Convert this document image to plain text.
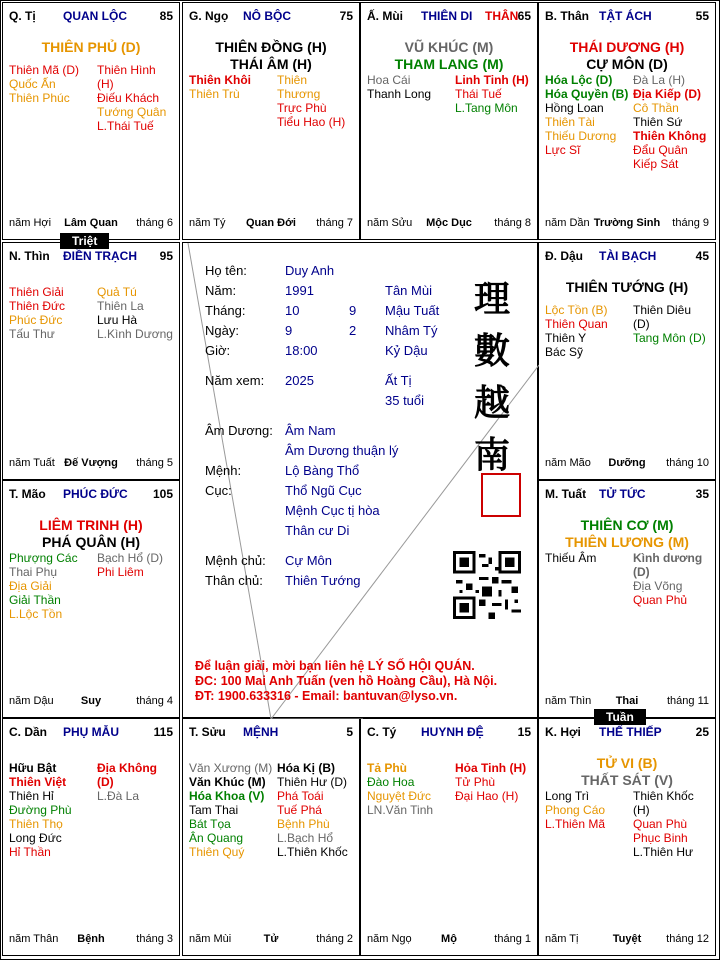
Q. Tị QUAN LỘC	85
THIÊN PHỦ (D)
Thiên Mã (D)
Quốc Ấn
Thiên Phúc
Thiên Hình (H)
Điếu Khách
Tướng Quân
L.Thái Tuế
năm Hợi	Lâm Quan	tháng 6
G. Ngọ NÔ BỘC	75
THIÊN ĐỒNG (H)
THÁI ÂM (H)
Thiên Khôi
Thiên Trù
Thiên Thương
Trực Phù
Tiểu Hao (H)
năm Tý	Quan Đới	tháng 7
Ấ. Mùi THIÊN DI THÂN 65
VŨ KHÚC (M)
THAM LANG (M)
Hoa Cái
Thanh Long
Linh Tinh (H)
Thái Tuế
L.Tang Môn
năm Sửu	Mộc Dục	tháng 8
B. Thân TẬT ÁCH	55
THÁI DƯƠNG (H)
CỰ MÔN (D)
Hóa Lộc (D)
Hóa Quyền (B)
Hồng Loan
Thiên Tài
Thiếu Dương
Lực Sĩ
Đà La (H)
Địa Kiếp (D)
Cô Thần
Thiên Sứ
Thiên Không
Đẩu Quân
Kiếp Sát
năm Dần Trường Sinh	tháng 9
N. Thìn ĐIỀN TRẠCH 95
Thiên Giải
Thiên Đức
Phúc Đức
Tấu Thư
Quả Tú
Thiên La
Lưu Hà
L.Kình Dương
năm Tuất Đế Vượng	tháng 5
Đ. Dậu TÀI BẠCH	45
THIÊN TƯỚNG (H)
Lộc Tồn (B)
Thiên Quan
Thiên Y
Bác Sỹ
Thiên Diêu (D)
Tang Môn (D)
năm Mão	Dưỡng	tháng 10
T. Mão PHÚC ĐỨC 105
LIÊM TRINH (H)
PHÁ QUÂN (H)
Phượng Các
Thai Phụ
Địa Giải
Giải Thần
L.Lộc Tồn
Bạch Hổ (D)
Phi Liêm
năm Dậu	Suy	tháng 4
M. Tuất TỬ TỨC	35
THIÊN CƠ (M)
THIÊN LƯƠNG (M)
Thiếu Âm	Kình dương (D)
Địa Võng
Quan Phủ
năm Thìn	Thai	tháng 11
C. Dần PHỤ MẪU	115
Hữu Bật
Thiên Việt
Thiên Hỉ
Đường Phù
Thiên Thọ
Long Đức
Hỉ Thần
Địa Không (D)
L.Đà La
năm Thân	Bệnh	tháng 3
T. Sửu MỆNH	5
Văn Xương (M)
Văn Khúc (M)
Hóa Khoa (V)
Tam Thai
Bát Tọa
Ân Quang
Thiên Quý
Hóa Kị (B)
Thiên Hư (D)
Phá Toái
Tuế Phá
Bệnh Phù
L.Bạch Hổ
L.Thiên Khốc
năm Mùi	Tử	tháng 2
C. Tý HUYNH ĐỆ	15
Tả Phù
Đào Hoa
Nguyệt Đức
LN.Văn Tinh
Hỏa Tinh (H)
Tử Phù
Đại Hao (H)
năm Ngọ	Mộ	tháng 1
K. Hợi THẾ THIẾP	25
TỬ VI (B)
THẤT SÁT (V)
Long Trì
Phong Cáo
L.Thiên Mã
Thiên Khốc (H)
Quan Phù
Phục Binh
L.Thiên Hư
năm Tị	Tuyệt	tháng 12
Họ tên:	Duy Anh
Năm:	1991	Tân Mùi
Tháng:	10	9 Mậu Tuất
Ngày:	9	2 Nhâm Tý
Giờ:	18:00	Kỷ Dậu
Năm xem: 2025	Ất Tị
35 tuổi
Âm Dương: Âm Nam
Âm Dương thuận lý
Mệnh:	Lộ Bàng Thổ
Cục:	Thổ Ngũ Cục
Mệnh Cục tị hòa
Thân cư Di
Mệnh chủ: Cự Môn
Thân chủ: Thiên Tướng
理
數
越
南
Để luận giải, mời bạn liên hệ LÝ SỐ HỘI QUÁN.
ĐC: 100 Mai Anh Tuấn (ven hồ Hoàng Cầu), Hà Nội.
ĐT: 1900.633316 - Email: bantuvan@lyso.vn.
Triệt
Tuần
